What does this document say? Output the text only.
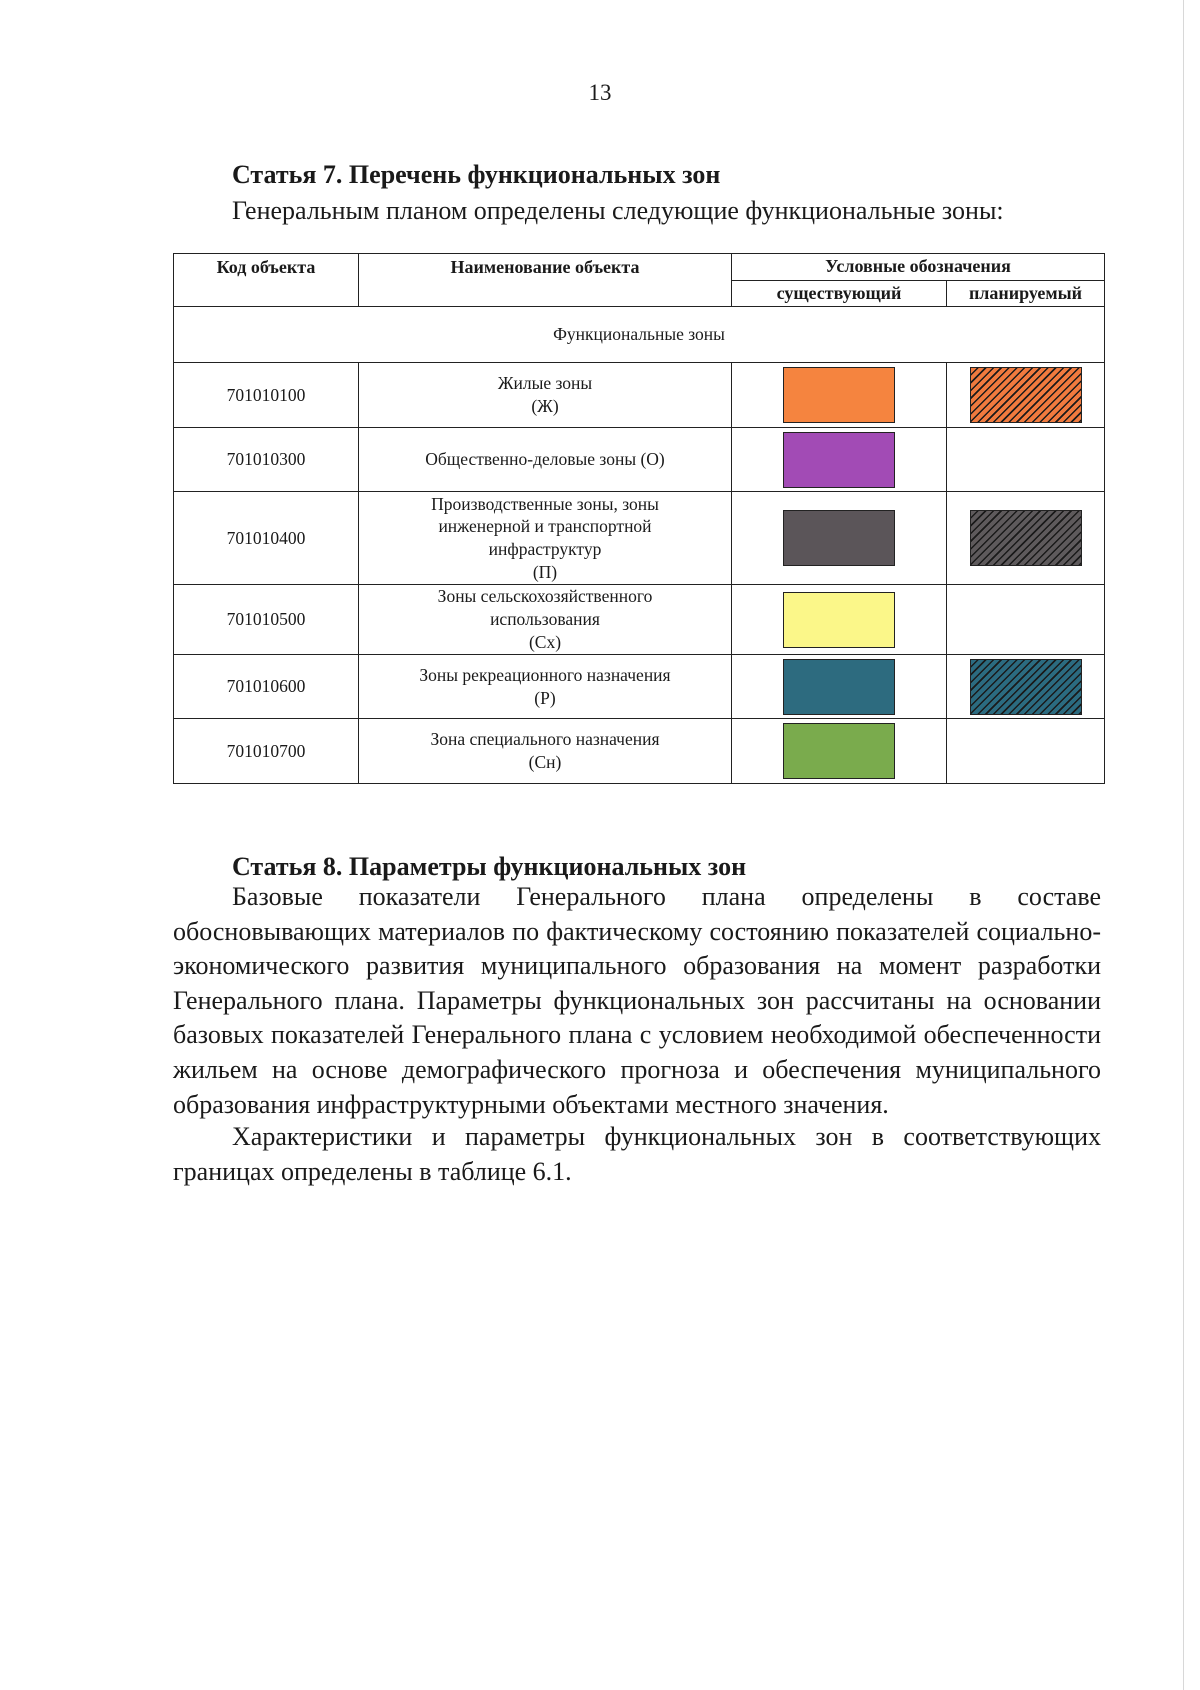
13
Статья 7. Перечень функциональных зон

Генеральным планом определены следующие функциональные зоны:

Код объекта	Наименование объекта	Условные обозначения	
		существующий	планируемый
Функциональные зоны			
701010100	Жилые зоны
(Ж)	

701010300	Общественно-деловые зоны (О)	

701010400	Производственные зоны, зоны
инженерной и транспортной
инфраструктур
(П)	

701010500	Зоны сельскохозяйственного
использования
(Сх)	

701010600	Зоны рекреационного назначения
(Р)	

701010700	Зона специального назначения
(Сн)	

Статья 8. Параметры функциональных зон

Базовые показатели Генерального плана определены в составе обосновывающих материалов по фактическому состоянию показателей социально-экономического развития муниципального образования на момент разработки Генерального плана. Параметры функциональных зон рассчитаны на основании базовых показателей Генерального плана с условием необходимой обеспеченности жильем на основе демографического прогноза и обеспечения муниципального образования инфраструктурными объектами местного значения.

Характеристики и параметры функциональных зон в соответствующих границах определены в таблице 6.1.
